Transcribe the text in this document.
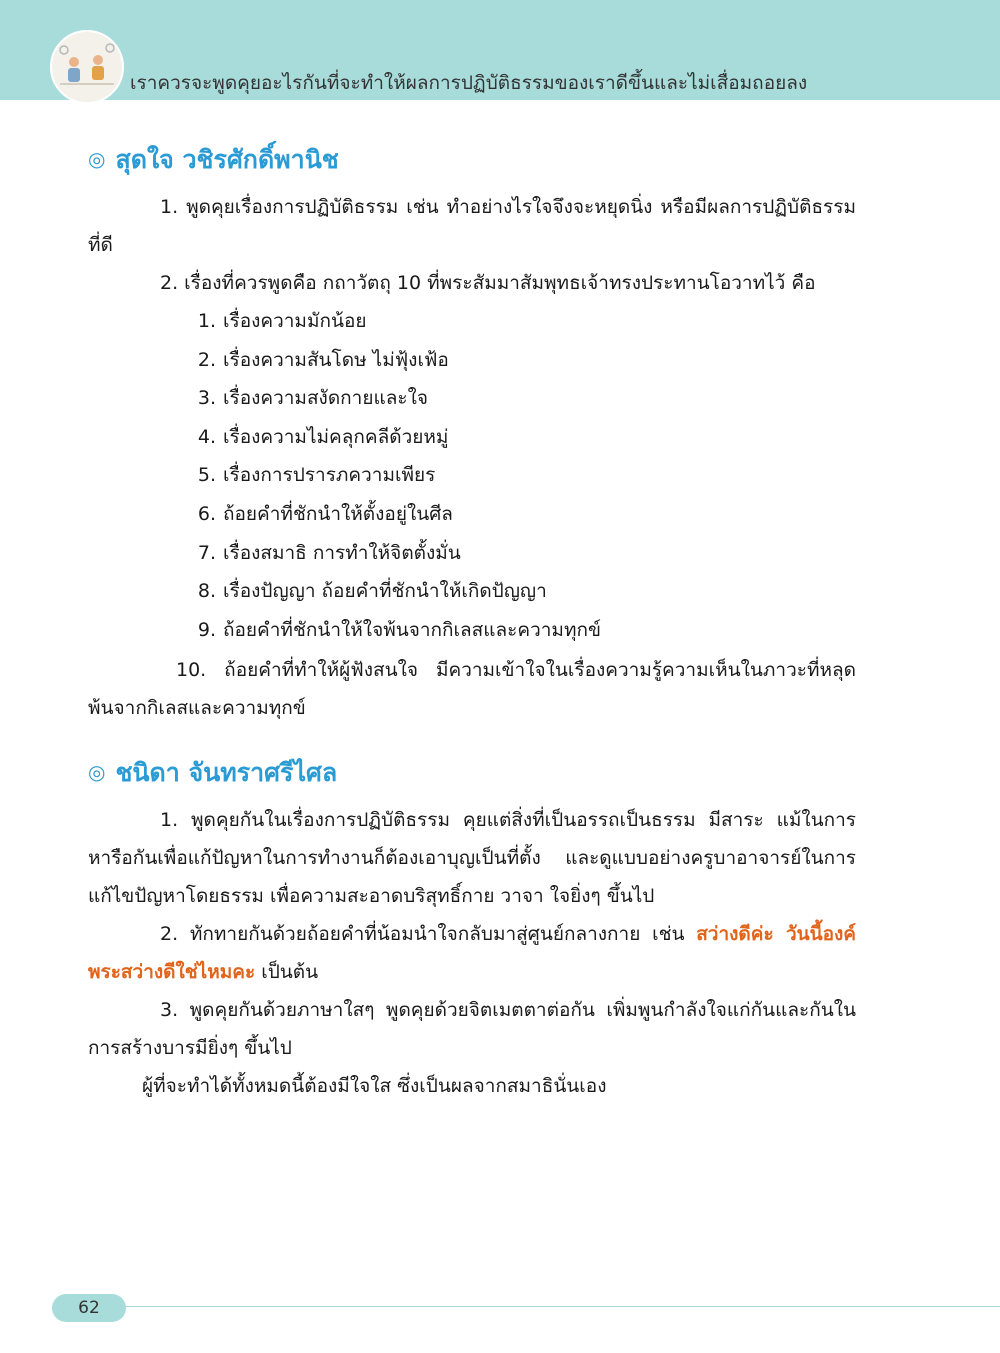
เราควรจะพูดคุยอะไรกันที่จะทำให้ผลการปฏิบัติธรรมของเราดีขึ้นและไม่เสื่อมถอยลง
◎ สุดใจ วชิรศักดิ์พานิช

1. พูดคุยเรื่องการปฏิบัติธรรม เช่น ทำอย่างไรใจจึงจะหยุดนิ่ง หรือมีผลการปฏิบัติธรรมที่ดี

2. เรื่องที่ควรพูดคือ กถาวัตถุ 10 ที่พระสัมมาสัมพุทธเจ้าทรงประทานโอวาทไว้ คือ

1. เรื่องความมักน้อย
2. เรื่องความสันโดษ ไม่ฟุ้งเฟ้อ
3. เรื่องความสงัดกายและใจ
4. เรื่องความไม่คลุกคลีด้วยหมู่
5. เรื่องการปรารภความเพียร
6. ถ้อยคำที่ชักนำให้ตั้งอยู่ในศีล
7. เรื่องสมาธิ การทำให้จิตตั้งมั่น
8. เรื่องปัญญา ถ้อยคำที่ชักนำให้เกิดปัญญา
9. ถ้อยคำที่ชักนำให้ใจพ้นจากกิเลสและความทุกข์
10. ถ้อยคำที่ทำให้ผู้ฟังสนใจ มีความเข้าใจในเรื่องความรู้ความเห็นในภาวะที่หลุดพ้นจากกิเลสและความทุกข์
◎ ชนิดา จันทราศรีไศล

1. พูดคุยกันในเรื่องการปฏิบัติธรรม คุยแต่สิ่งที่เป็นอรรถเป็นธรรม มีสาระ แม้ในการหารือกันเพื่อแก้ปัญหาในการทำงานก็ต้องเอาบุญเป็นที่ตั้ง และดูแบบอย่างครูบาอาจารย์ในการแก้ไขปัญหาโดยธรรม เพื่อความสะอาดบริสุทธิ์กาย วาจา ใจยิ่งๆ ขึ้นไป

2. ทักทายกันด้วยถ้อยคำที่น้อมนำใจกลับมาสู่ศูนย์กลางกาย เช่น สว่างดีค่ะ วันนี้องค์พระสว่างดีใช่ไหมคะ เป็นต้น

3. พูดคุยกันด้วยภาษาใสๆ พูดคุยด้วยจิตเมตตาต่อกัน เพิ่มพูนกำลังใจแก่กันและกันในการสร้างบารมียิ่งๆ ขึ้นไป

ผู้ที่จะทำได้ทั้งหมดนี้ต้องมีใจใส ซึ่งเป็นผลจากสมาธินั่นเอง

62
